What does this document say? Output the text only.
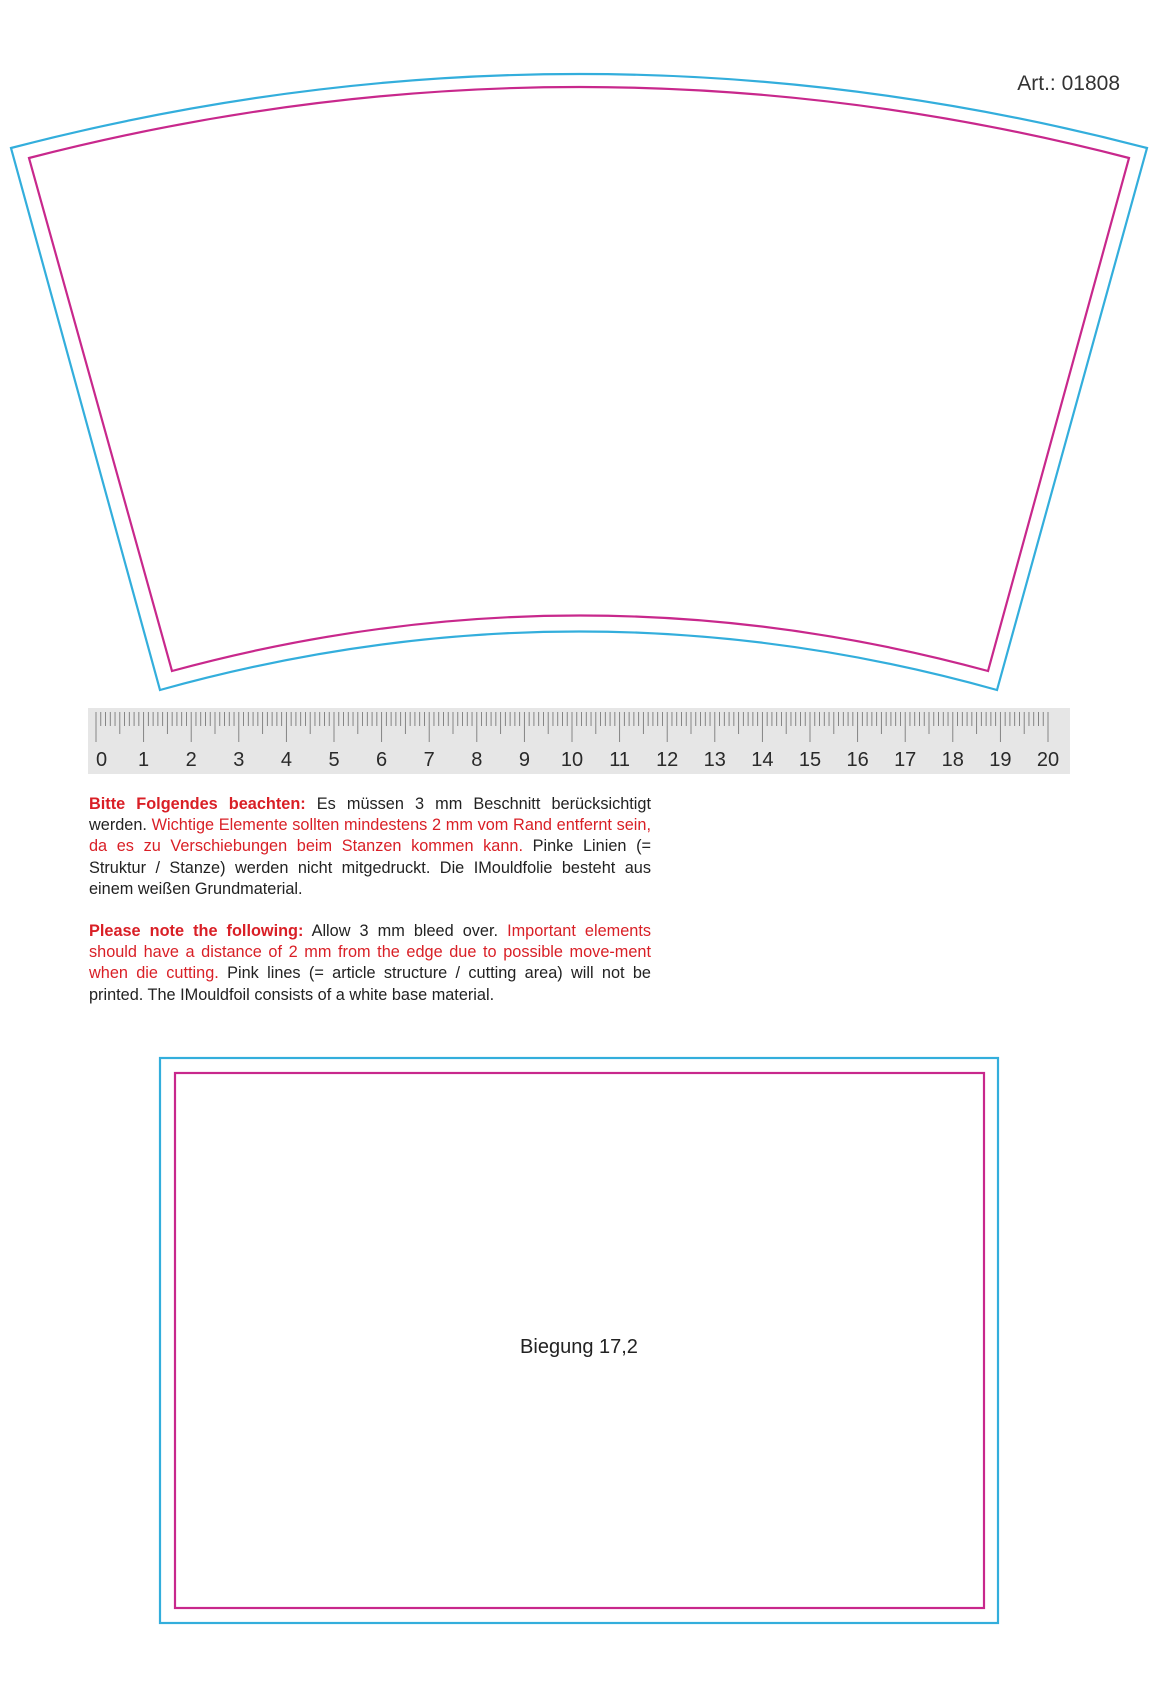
Art.: 01808
0 1 2 3 4 5 6 7 8 9 10 11 12 13 14 15 16 17 18 19 20

Bitte Folgendes beachten: Es müssen 3 mm Beschnitt berücksichtigt werden. Wichtige Elemente sollten mindestens 2 mm vom Rand entfernt sein, da es zu Verschiebungen beim Stanzen kommen kann. Pinke Linien (= Struktur / Stanze) werden nicht mitgedruckt. Die IMouldfolie besteht aus einem weißen Grundmaterial.

Please note the following: Allow 3 mm bleed over. Important elements should have a distance of 2 mm from the edge due to possible move-ment when die cutting. Pink lines (= article structure / cutting area) will not be printed. The IMouldfoil consists of a white base material.

Biegung 17,2
